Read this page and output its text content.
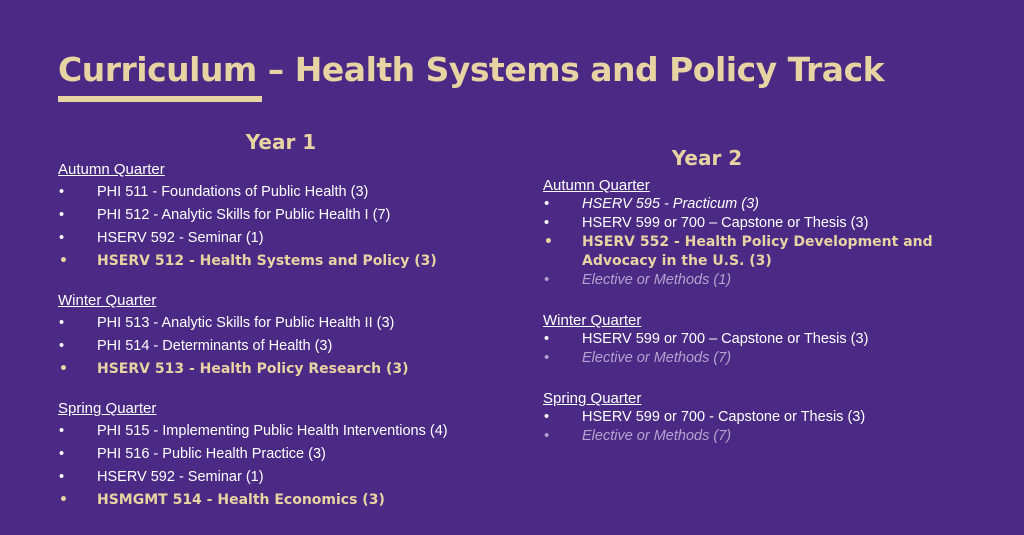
Curriculum – Health Systems and Policy Track
Year 1
Autumn Quarter
• PHI 511 - Foundations of Public Health (3)
• PHI 512 - Analytic Skills for Public Health I (7)
• HSERV 592 - Seminar (1)
• HSERV 512 - Health Systems and Policy (3)
Winter Quarter
• PHI 513 - Analytic Skills for Public Health II (3)
• PHI 514 - Determinants of Health (3)
• HSERV 513 - Health Policy Research (3)
Spring Quarter
• PHI 515 - Implementing Public Health Interventions (4)
• PHI 516 - Public Health Practice (3)
• HSERV 592 - Seminar (1)
• HSMGMT 514 - Health Economics (3)
Year 2
Autumn Quarter
• HSERV 595 - Practicum (3)
• HSERV 599 or 700 – Capstone or Thesis (3)
• HSERV 552 - Health Policy Development and Advocacy in the U.S. (3)
• Elective or Methods (1)
Winter Quarter
• HSERV 599 or 700 – Capstone or Thesis (3)
• Elective or Methods (7)
Spring Quarter
• HSERV 599 or 700 - Capstone or Thesis (3)
• Elective or Methods (7)
